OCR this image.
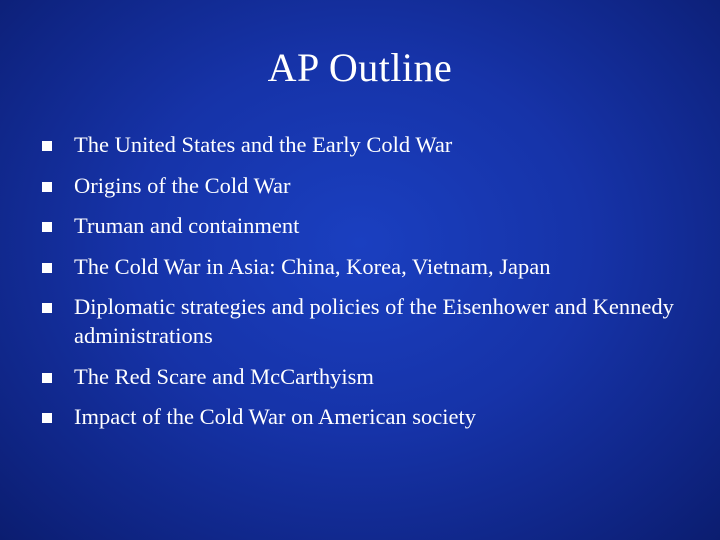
AP Outline
The United States and the Early Cold War
Origins of the Cold War
Truman and containment
The Cold War in Asia: China, Korea, Vietnam, Japan
Diplomatic strategies and policies of the Eisenhower and Kennedy administrations
The Red Scare and McCarthyism
Impact of the Cold War on American society
